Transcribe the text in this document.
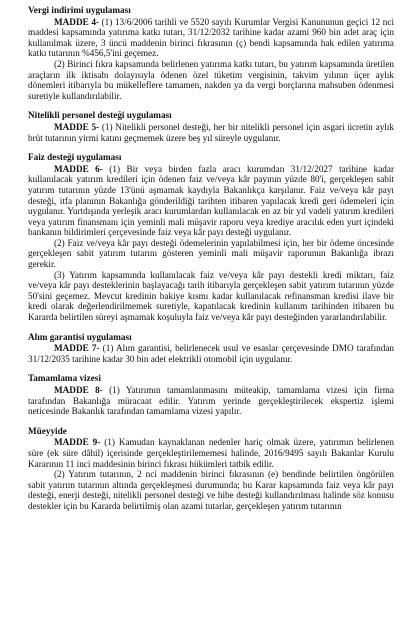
Vergi indirimi uygulaması

MADDE 4- (1) 13/6/2006 tarihli ve 5520 sayılı Kurumlar Vergisi Kanununun geçici 12 nci maddesi kapsamında yatırıma katkı tutarı, 31/12/2032 tarihine kadar azami 960 bin adet araç için kullanılmak üzere, 3 üncü maddenin birinci fıkrasının (ç) bendi kapsamında hak edilen yatırıma katkı tutarının %456,5'ini geçemez.

(2) Birinci fıkra kapsamında belirlenen yatırıma katkı tutarı, bu yatırım kapsamında üretilen araçların ilk iktisabı dolayısıyla ödenen özel tüketim vergisinin, takvim yılının üçer aylık dönemleri itibarıyla bu mükelleflere tamamen, nakden ya da vergi borçlarına mahsuben ödenmesi suretiyle kullandırılabilir.

Nitelikli personel desteği uygulaması

MADDE 5- (1) Nitelikli personel desteği, her bir nitelikli personel için asgari ücretin aylık brüt tutarının yirmi katını geçmemek üzere beş yıl süreyle uygulanır.

Faiz desteği uygulaması

MADDE 6- (1) Bir veya birden fazla aracı kurumdan 31/12/2027 tarihine kadar kullanılacak yatırım kredileri için ödenen faiz ve/veya kâr payının yüzde 80'i, gerçekleşen sabit yatırım tutarının yüzde 13'ünü aşmamak kaydıyla Bakanlıkça karşılanır. Faiz ve/veya kâr payı desteği, itfa planının Bakanlığa gönderildiği tarihten itibaren yapılacak kredi geri ödemeleri için uygulanır. Yurtdışında yerleşik aracı kurumlardan kullanılacak en az bir yıl vadeli yatırım kredileri veya yatırım finansmanı için yeminli mali müşavir raporu veya krediye aracılık eden yurt içindeki bankanın bildirimleri çerçevesinde faiz veya kâr payı desteği uygulanır.

(2) Faiz ve/veya kâr payı desteği ödemelerinin yapılabilmesi için, her bir ödeme öncesinde gerçekleşen sabit yatırım tutarını gösteren yeminli mali müşavir raporunun Bakanlığa ibrazı gerekir.

(3) Yatırım kapsamında kullanılacak faiz ve/veya kâr payı destekli kredi miktarı, faiz ve/veya kâr payı desteklerinin başlayacağı tarih itibarıyla gerçekleşen sabit yatırım tutarının yüzde 50'sini geçemez. Mevcut kredinin bakiye kısmı kadar kullanılacak refinansman kredisi ilave bir kredi olarak değerlendirilmemek suretiyle, kapatılacak kredinin kullanım tarihinden itibaren bu Kararda belirtilen süreyi aşmamak koşuluyla faiz ve/veya kâr payı desteğinden yararlandırılabilir.

Alım garantisi uygulaması

MADDE 7- (1) Alım garantisi, belirlenecek usul ve esaslar çerçevesinde DMO tarafından 31/12/2035 tarihine kadar 30 bin adet elektrikli otomobil için uygulanır.

Tamamlama vizesi

MADDE 8- (1) Yatırımın tamamlanmasını müteakip, tamamlama vizesi için firma tarafından Bakanlığa müracaat edilir. Yatırım yerinde gerçekleştirilecek ekspertiz işlemi neticesinde Bakanlık tarafından tamamlama vizesi yapılır.

Müeyyide

MADDE 9- (1) Kamudan kaynaklanan nedenler hariç olmak üzere, yatırımın belirlenen süre (ek süre dâhil) içerisinde gerçekleştirilememesi halinde, 2016/9495 sayılı Bakanlar Kurulu Kararının 11 inci maddesinin birinci fıkrası hükümleri tatbik edilir.

(2) Yatırım tutarının, 2 nci maddenin birinci fıkrasının (e) bendinde belirtilen öngörülen sabit yatırım tutarının altında gerçekleşmesi durumunda; bu Karar kapsamında faiz veya kâr payı desteği, enerji desteği, nitelikli personel desteği ve hibe desteği kullandırılması halinde söz konusu destekler için bu Kararda belirtilmiş olan azami tutarlar, gerçekleşen yatırım tutarının
